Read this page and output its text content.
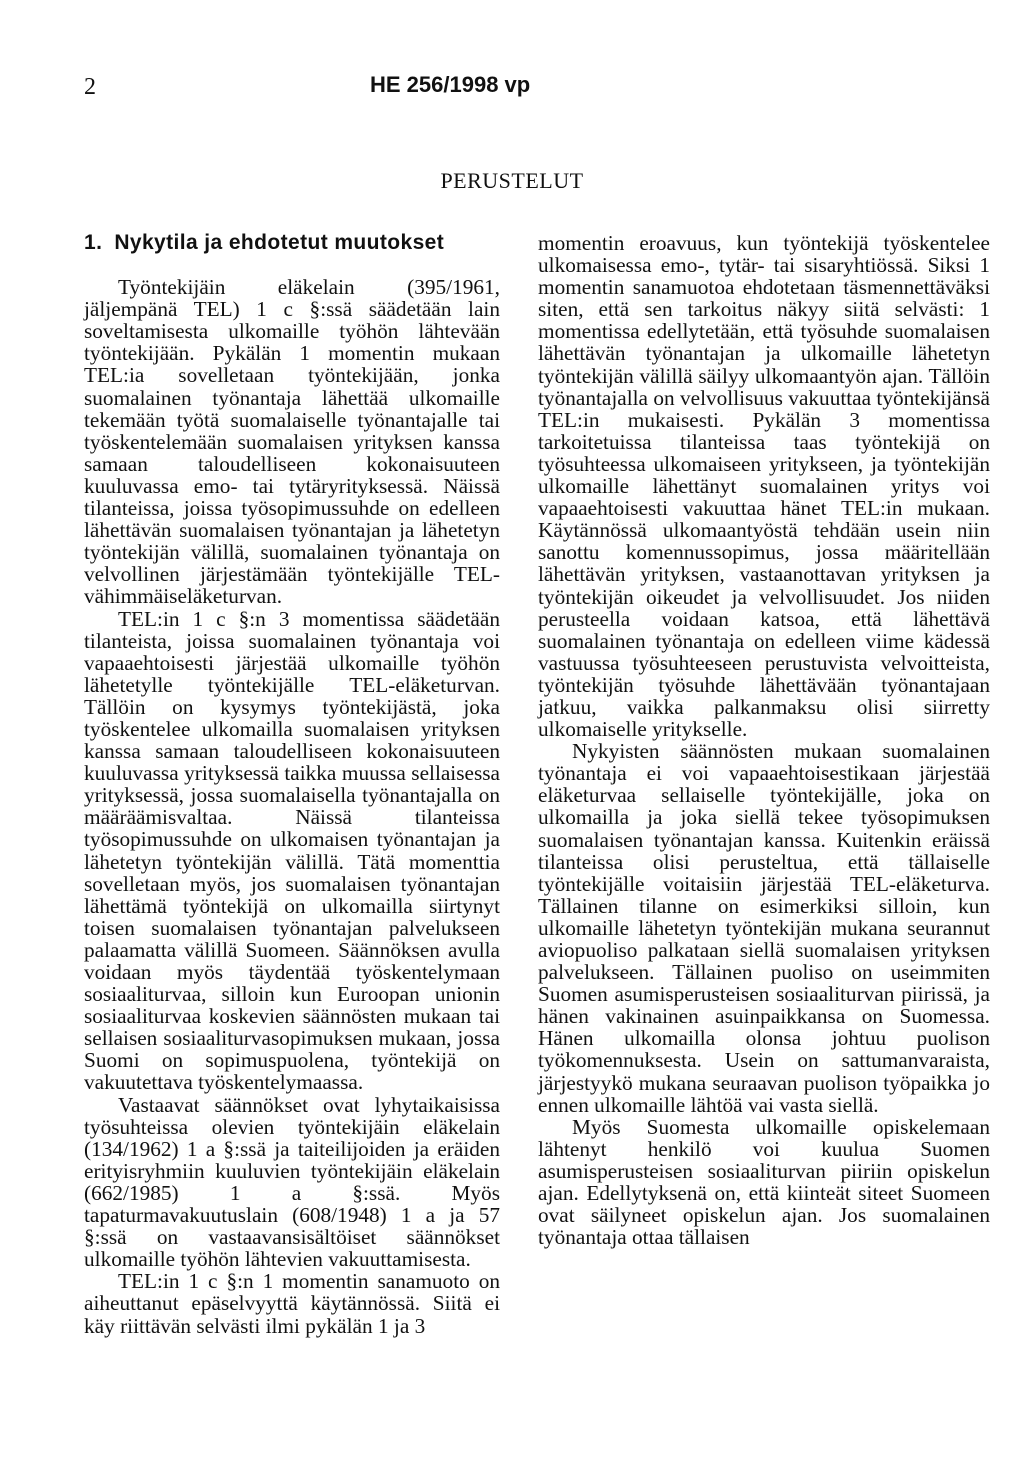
2	HE 256/1998 vp
PERUSTELUT
1. Nykytila ja ehdotetut muutokset

Työntekijäin eläkelain (395/1961, jäljempänä TEL) 1 c §:ssä säädetään lain soveltamisesta ulkomaille työhön lähtevään työntekijään. Pykälän 1 momentin mukaan TEL:ia sovelletaan työntekijään, jonka suomalainen työnantaja lähettää ulkomaille tekemään työtä suomalaiselle työnantajalle tai työskentelemään suomalaisen yrityksen kanssa samaan taloudelliseen kokonaisuuteen kuuluvassa emo- tai tytäryrityksessä. Näissä tilanteissa, joissa työsopimussuhde on edelleen lähettävän suomalaisen työnantajan ja lähetetyn työntekijän välillä, suomalainen työnantaja on velvollinen järjestämään työntekijälle TEL-vähimmäiseläketurvan.

TEL:in 1 c §:n 3 momentissa säädetään tilanteista, joissa suomalainen työnantaja voi vapaaehtoisesti järjestää ulkomaille työhön lähetetylle työntekijälle TEL-eläketurvan. Tällöin on kysymys työntekijästä, joka työskentelee ulkomailla suomalaisen yrityksen kanssa samaan taloudelliseen kokonaisuuteen kuuluvassa yrityksessä taikka muussa sellaisessa yrityksessä, jossa suomalaisella työnantajalla on määräämisvaltaa. Näissä tilanteissa työsopimussuhde on ulkomaisen työnantajan ja lähetetyn työntekijän välillä. Tätä momenttia sovelletaan myös, jos suomalaisen työnantajan lähettämä työntekijä on ulkomailla siirtynyt toisen suomalaisen työnantajan palvelukseen palaamatta välillä Suomeen. Säännöksen avulla voidaan myös täydentää työskentelymaan sosiaaliturvaa, silloin kun Euroopan unionin sosiaaliturvaa koskevien säännösten mukaan tai sellaisen sosiaaliturvasopimuksen mukaan, jossa Suomi on sopimuspuolena, työntekijä on vakuutettava työskentelymaassa.

Vastaavat säännökset ovat lyhytaikaisissa työsuhteissa olevien työntekijäin eläkelain (134/1962) 1 a §:ssä ja taiteilijoiden ja eräiden erityisryhmiin kuuluvien työntekijäin eläkelain (662/1985) 1 a §:ssä. Myös tapaturmavakuutuslain (608/1948) 1 a ja 57 §:ssä on vastaavansisältöiset säännökset ulkomaille työhön lähtevien vakuuttamisesta.

TEL:in 1 c §:n 1 momentin sanamuoto on aiheuttanut epäselvyyttä käytännössä. Siitä ei käy riittävän selvästi ilmi pykälän 1 ja 3

momentin eroavuus, kun työntekijä työskentelee ulkomaisessa emo-, tytär- tai sisaryhtiössä. Siksi 1 momentin sanamuotoa ehdotetaan täsmennettäväksi siten, että sen tarkoitus näkyy siitä selvästi: 1 momentissa edellytetään, että työsuhde suomalaisen lähettävän työnantajan ja ulkomaille lähetetyn työntekijän välillä säilyy ulkomaantyön ajan. Tällöin työnantajalla on velvollisuus vakuuttaa työntekijänsä TEL:in mukaisesti. Pykälän 3 momentissa tarkoitetuissa tilanteissa taas työntekijä on työsuhteessa ulkomaiseen yritykseen, ja työntekijän ulkomaille lähettänyt suomalainen yritys voi vapaaehtoisesti vakuuttaa hänet TEL:in mukaan. Käytännössä ulkomaantyöstä tehdään usein niin sanottu komennussopimus, jossa määritellään lähettävän yrityksen, vastaanottavan yrityksen ja työntekijän oikeudet ja velvollisuudet. Jos niiden perusteella voidaan katsoa, että lähettävä suomalainen työnantaja on edelleen viime kädessä vastuussa työsuhteeseen perustuvista velvoitteista, työntekijän työsuhde lähettävään työnantajaan jatkuu, vaikka palkanmaksu olisi siirretty ulkomaiselle yritykselle.

Nykyisten säännösten mukaan suomalainen työnantaja ei voi vapaaehtoisestikaan järjestää eläketurvaa sellaiselle työntekijälle, joka on ulkomailla ja joka siellä tekee työsopimuksen suomalaisen työnantajan kanssa. Kuitenkin eräissä tilanteissa olisi perusteltua, että tällaiselle työntekijälle voitaisiin järjestää TEL-eläketurva. Tällainen tilanne on esimerkiksi silloin, kun ulkomaille lähetetyn työntekijän mukana seurannut aviopuoliso palkataan siellä suomalaisen yrityksen palvelukseen. Tällainen puoliso on useimmiten Suomen asumisperusteisen sosiaaliturvan piirissä, ja hänen vakinainen asuinpaikkansa on Suomessa. Hänen ulkomailla olonsa johtuu puolison työkomennuksesta. Usein on sattumanvaraista, järjestyykö mukana seuraavan puolison työpaikka jo ennen ulkomaille lähtöä vai vasta siellä.

Myös Suomesta ulkomaille opiskelemaan lähtenyt henkilö voi kuulua Suomen asumisperusteisen sosiaaliturvan piiriin opiskelun ajan. Edellytyksenä on, että kiinteät siteet Suomeen ovat säilyneet opiskelun ajan. Jos suomalainen työnantaja ottaa tällaisen
